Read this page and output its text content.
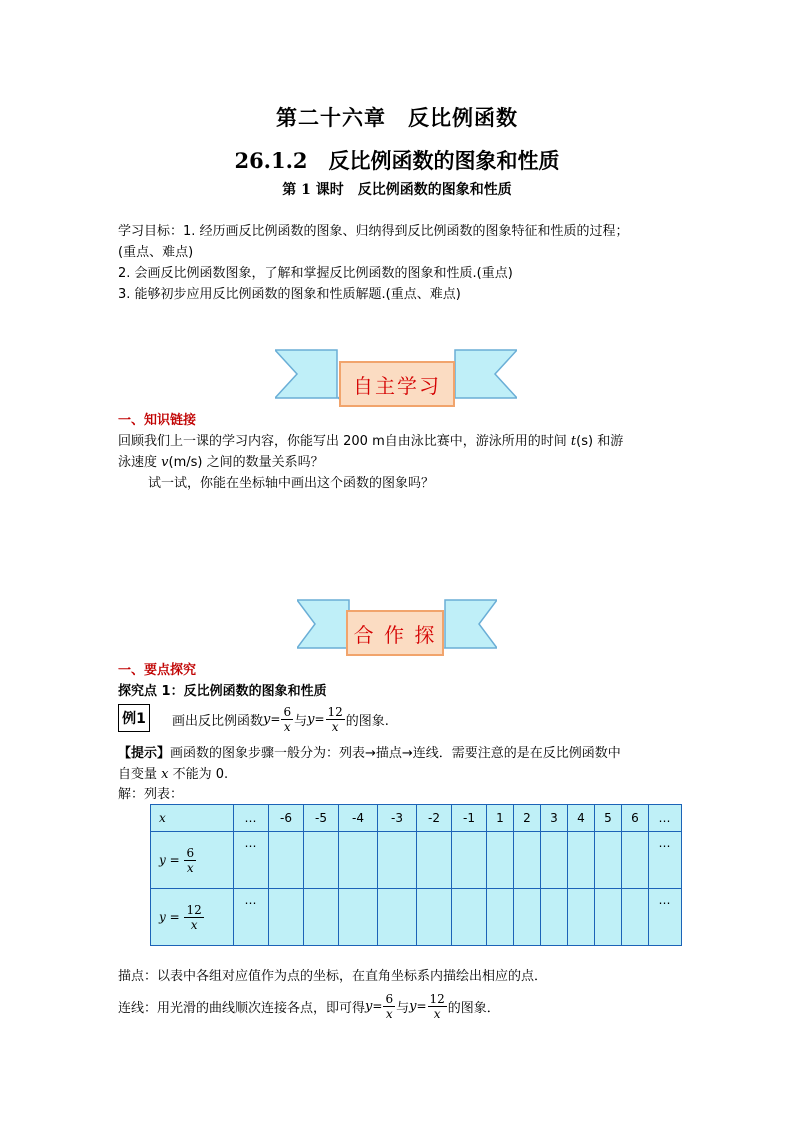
第二十六章　反比例函数
26.1.2　反比例函数的图象和性质
第 1 课时　反比例函数的图象和性质
学习目标：1. 经历画反比例函数的图象、归纳得到反比例函数的图象特征和性质的过程；
(重点、难点)
2. 会画反比例函数图象，了解和掌握反比例函数的图象和性质.(重点)
3. 能够初步应用反比例函数的图象和性质解题.(重点、难点)
自主学习
一、知识链接
回顾我们上一课的学习内容，你能写出 200 m自由泳比赛中，游泳所用的时间 t(s) 和游
泳速度 v(m/s) 之间的数量关系吗？
试一试，你能在坐标轴中画出这个函数的图象吗？
合 作 探
一、要点探究
探究点 1：反比例函数的图象和性质
例1	画出反比例函数 $y = \frac{6}{x}$ 与 $y = \frac{12}{x}$ 的图象.
【提示】画函数的图象步骤一般分为：列表→描点→连线．需要注意的是在反比例函数中
自变量 x 不能为 0.
解：列表：
x	…	-6	-5	-4	-3	-2	-1	1	2	3	4	5	6	…
$y = \frac{6}{x}$	…													…
$y = \frac{12}{x}$	…													…
描点：以表中各组对应值作为点的坐标，在直角坐标系内描绘出相应的点．
连线：用光滑的曲线顺次连接各点，即可得 $y = \frac{6}{x}$ 与 $y = \frac{12}{x}$ 的图象．
